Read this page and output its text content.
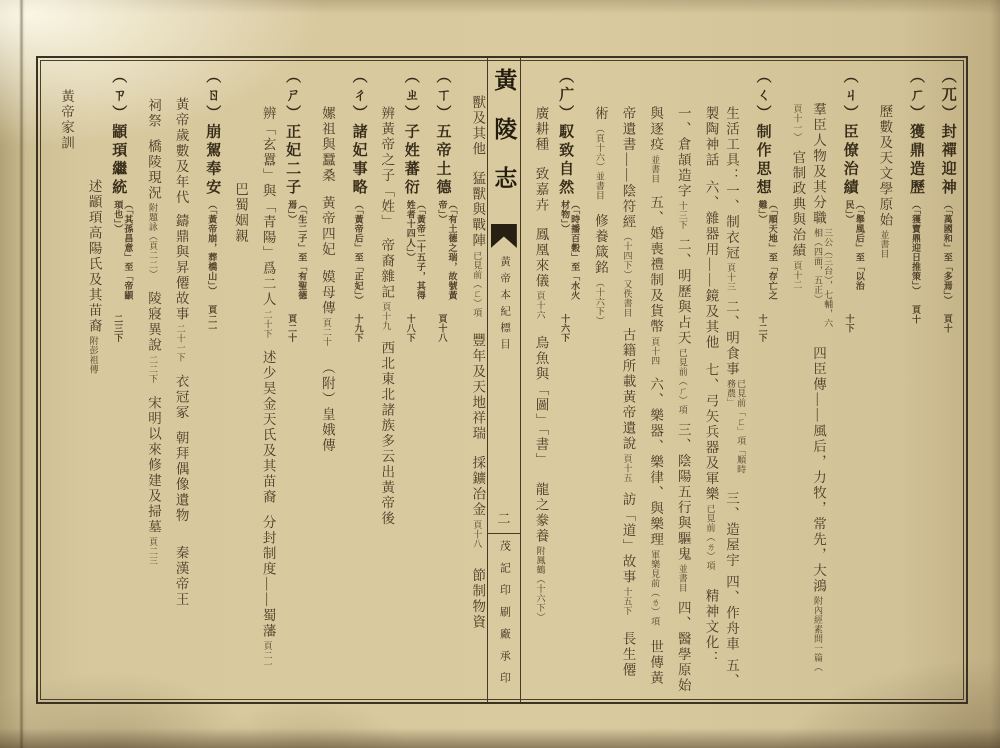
（ㄫ）封禪迎神（「萬國和」至「多焉」）頁十
（ㄏ）獲鼎造歷（「獲寶鼎迎日推策」）頁十
歷數及天文學原始並書目
（ㄐ）臣僚治績（「舉風后」至「以治民」）十下
羣臣人物及其分職三公（三台），七輔，六相（四面，五正）四臣傳——風后，力牧，常先，大鴻附內經素問一篇（
頁十一）官制政典與治績頁十二
（ㄑ）制作思想（「順天地」至「存亡之難」）十二下
生活工具：一、制衣冠頁十三二、明食事已見前「ㄈ」項「順時務農」三、造屋宇四、作舟車五、
製陶神話六、雜器用——鏡及其他七、弓矢兵器及軍樂已見前（ㄌ）項精神文化：
一、倉頡造字十三下二、明歷與占天已見前（ㄏ）項三、陰陽五行與驅鬼並書目四、醫學原始
與逐疫並書目五、婚喪禮制及貨幣頁十四六、樂器、樂律、與樂理軍樂見前（ㄌ）項世傳黃
帝遺書——陰符經（十四下）又佚書目古籍所載黃帝遺說頁十五訪「道」故事十五下長生僊
術（頁十六）並書目修養箴銘（十六下）
（ㄬ）馭致自然（「時播百穀」至「水火材物」）十六下
廣耕種致嘉卉鳳凰來儀頁十六鳥魚與「圖」「書」龍之豢養附鳳鶴（十六下）
黃陵志
黃帝本紀標目
二
茂記印刷廠承印
獸及其他猛獸與戰陣已見前（ㄈ）項豐年及天地祥瑞採鑛冶金頁十八節制物資
（ㄒ）五帝土德（「有土德之瑞，故號黃帝」）頁十八
（ㄓ）子姓蕃衍（「黃帝二十五子，其得姓者十四人」）十八下
辨黃帝之子「姓」帝裔雜記頁十九西北東北諸族多云出黃帝後
（ㄔ）諸妃事略（「黃帝后」至「正妃」）十九下
嫘祖與蠶桑黃帝四妃嫫母傳頁二十（附）皇娥傳
（ㄕ）正妃二子（「生二子」至「有聖德焉」）頁二十
辨「玄囂」與「青陽」爲二人二十下述少昊金天氏及其苗裔分封制度——蜀藩頁二一
巴蜀姻親
（ㄖ）崩駕奉安（「黃帝崩，葬橋山」）頁二一
黃帝歲數及年代鑄鼎與昇僊故事二十一下衣冠冢朝拜偶像遺物秦漢帝王
祠祭橋陵現況附題詠（頁二二）陵寢異說二二下宋明以來修建及掃墓頁二三
（ㄗ）顓頊繼統（「其孫昌意」至「帝顓頊也」）二三下
述顓頊高陽氏及其苗裔附彭祖傳
黃帝家訓
